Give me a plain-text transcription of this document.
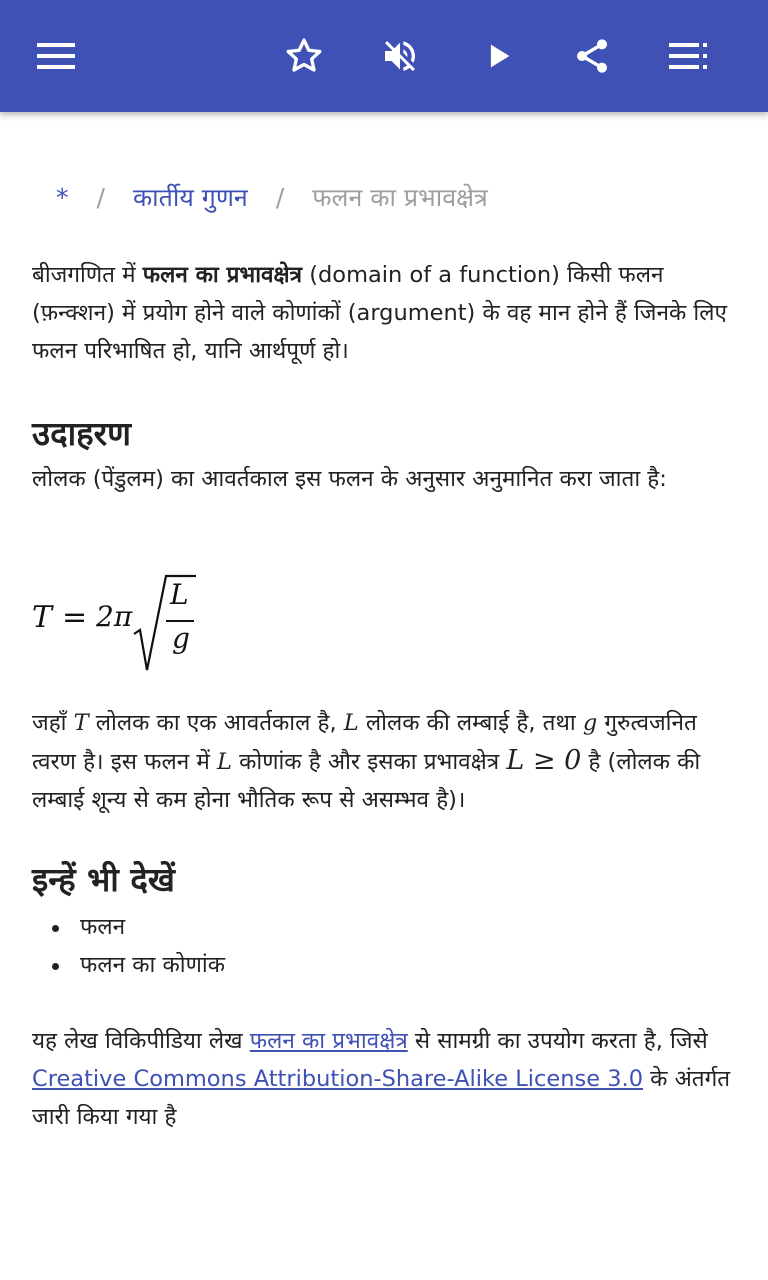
* / कार्तीय गुणन / फलन का प्रभावक्षेत्र

बीजगणित में फलन का प्रभावक्षेत्र (domain of a function) किसी फलन (फ़न्क्शन) में प्रयोग होने वाले कोणांकों (argument) के वह मान होने हैं जिनके लिए फलन परिभाषित हो, यानि आर्थपूर्ण हो।

उदाहरण

लोलक (पेंडुलम) का आवर्तकाल इस फलन के अनुसार अनुमानित करा जाता है:

T = 2π
L
g

जहाँ T लोलक का एक आवर्तकाल है, L लोलक की लम्बाई है, तथा g गुरुत्वजनित त्वरण है। इस फलन में L कोणांक है और इसका प्रभावक्षेत्र L ≥ 0 है (लोलक की लम्बाई शून्य से कम होना भौतिक रूप से असम्भव है)।

इन्हें भी देखें
फलन
फलन का कोणांक

यह लेख विकिपीडिया लेख फलन का प्रभावक्षेत्र से सामग्री का उपयोग करता है, जिसे Creative Commons Attribution-Share-Alike License 3.0 के अंतर्गत जारी किया गया है
